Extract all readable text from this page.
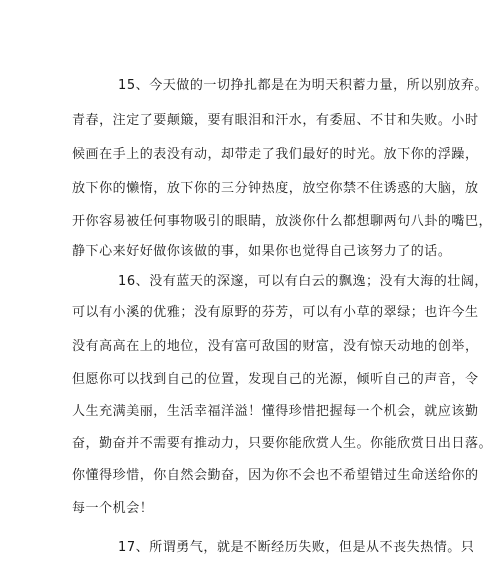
15、今天做的一切挣扎都是在为明天积蓄力量，所以别放弃。
青春，注定了要颠簸，要有眼泪和汗水，有委屈、不甘和失败。小时
候画在手上的表没有动，却带走了我们最好的时光。放下你的浮躁，
放下你的懒惰，放下你的三分钟热度，放空你禁不住诱惑的大脑，放
开你容易被任何事物吸引的眼睛，放淡你什么都想聊两句八卦的嘴巴，
静下心来好好做你该做的事，如果你也觉得自己该努力了的话。
16、没有蓝天的深邃，可以有白云的飘逸；没有大海的壮阔，
可以有小溪的优雅；没有原野的芬芳，可以有小草的翠绿；也许今生
没有高高在上的地位，没有富可敌国的财富，没有惊天动地的创举，
但愿你可以找到自己的位置，发现自己的光源，倾听自己的声音，令
人生充满美丽，生活幸福洋溢！懂得珍惜把握每一个机会，就应该勤
奋，勤奋并不需要有推动力，只要你能欣赏人生。你能欣赏日出日落。
你懂得珍惜，你自然会勤奋，因为你不会也不希望错过生命送给你的
每一个机会！
17、所谓勇气，就是不断经历失败，但是从不丧失热情。只
